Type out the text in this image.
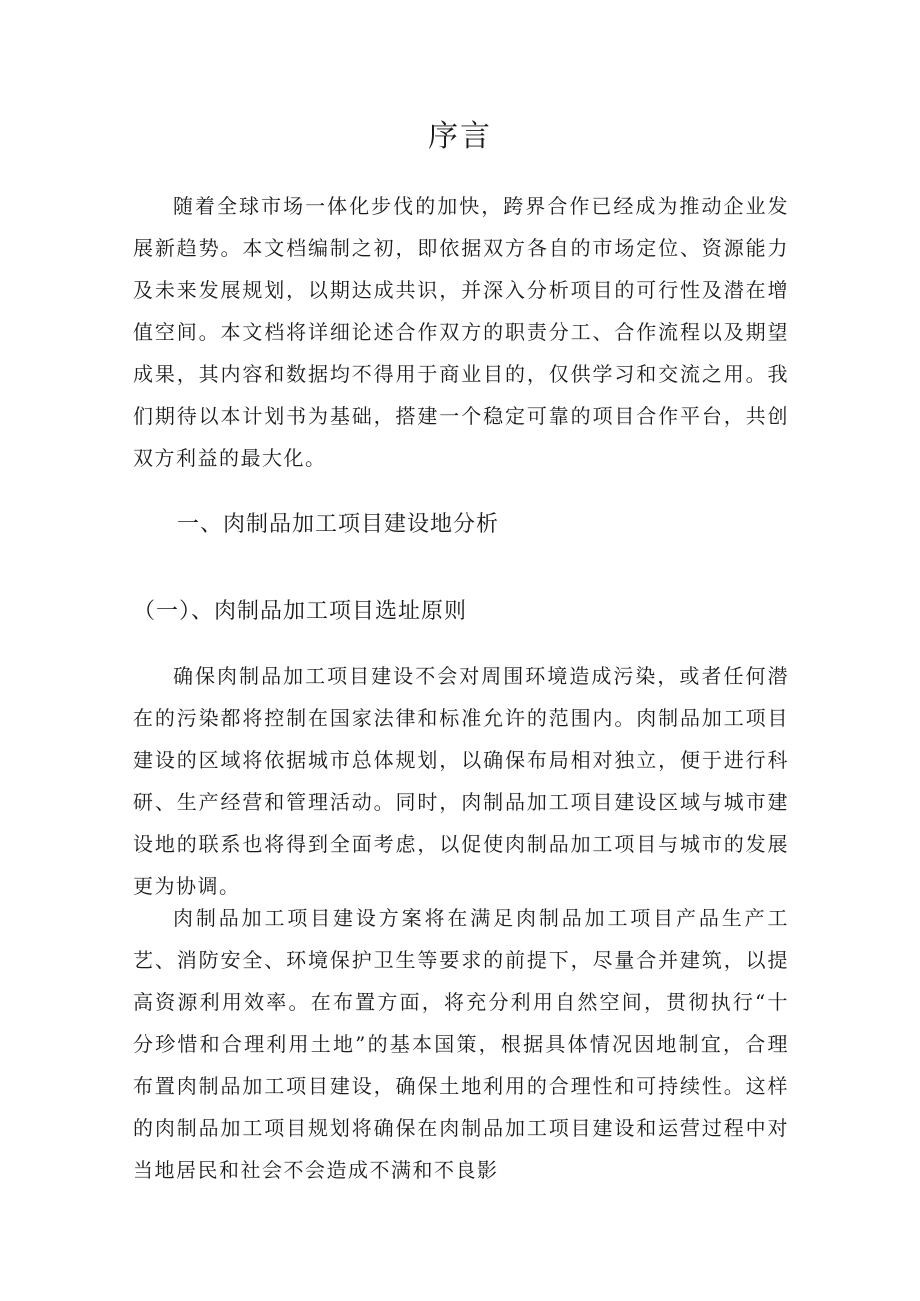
序言

随着全球市场一体化步伐的加快，跨界合作已经成为推动企业发展新趋势。本文档编制之初，即依据双方各自的市场定位、资源能力及未来发展规划，以期达成共识，并深入分析项目的可行性及潜在增值空间。本文档将详细论述合作双方的职责分工、合作流程以及期望成果，其内容和数据均不得用于商业目的，仅供学习和交流之用。我们期待以本计划书为基础，搭建一个稳定可靠的项目合作平台，共创双方利益的最大化。

一、肉制品加工项目建设地分析
（一）、肉制品加工项目选址原则

确保肉制品加工项目建设不会对周围环境造成污染，或者任何潜在的污染都将控制在国家法律和标准允许的范围内。肉制品加工项目建设的区域将依据城市总体规划，以确保布局相对独立，便于进行科研、生产经营和管理活动。同时，肉制品加工项目建设区域与城市建设地的联系也将得到全面考虑，以促使肉制品加工项目与城市的发展更为协调。

肉制品加工项目建设方案将在满足肉制品加工项目产品生产工艺、消防安全、环境保护卫生等要求的前提下，尽量合并建筑，以提高资源利用效率。在布置方面，将充分利用自然空间，贯彻执行“十分珍惜和合理利用土地”的基本国策，根据具体情况因地制宜，合理布置肉制品加工项目建设，确保土地利用的合理性和可持续性。这样的肉制品加工项目规划将确保在肉制品加工项目建设和运营过程中对当地居民和社会不会造成不满和不良影
